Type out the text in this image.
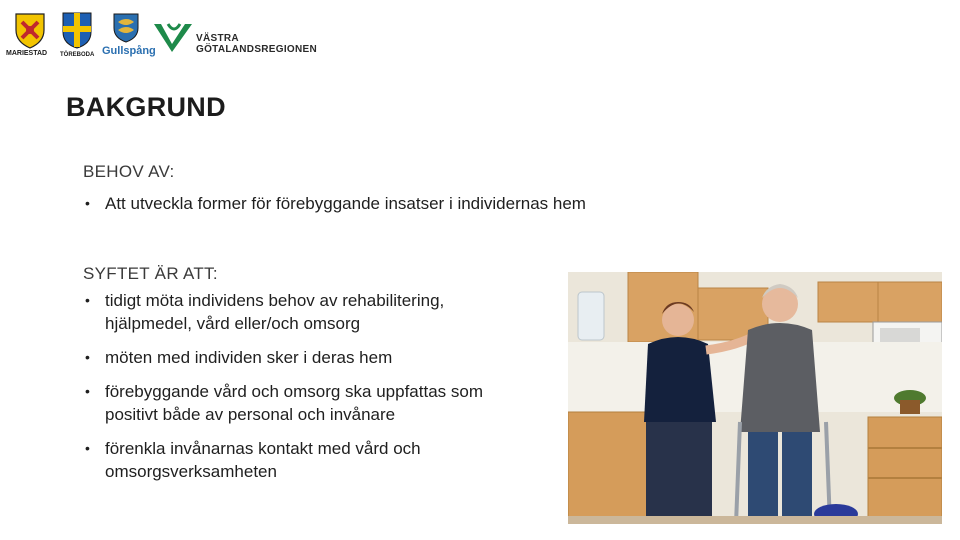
MARIESTAD TÖREBODA Gullspång
VÄSTRA
GÖTALANDSREGIONEN
BAKGRUND
BEHOV AV:
• Att utveckla former för förebyggande insatser i individernas hem
SYFTET ÄR ATT:
• tidigt möta individens behov av rehabilitering,
hjälpmedel, vård eller/och omsorg
• möten med individen sker i deras hem
• förebyggande vård och omsorg ska uppfattas som
positivt både av personal och invånare
• förenkla invånarnas kontakt med vård och
omsorgsverksamheten
